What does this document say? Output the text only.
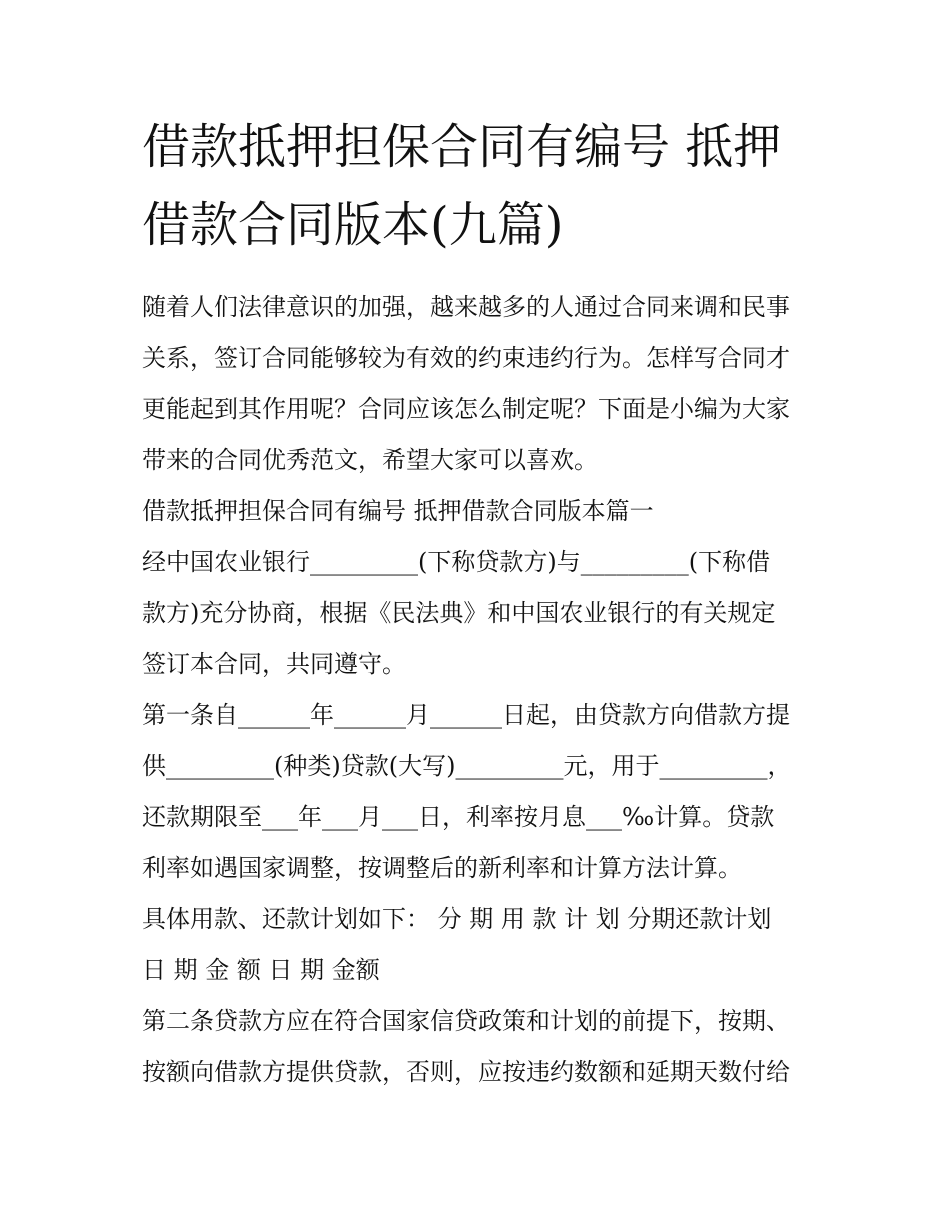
借款抵押担保合同有编号 抵押
借款合同版本(九篇)

随着人们法律意识的加强，越来越多的人通过合同来调和民事

关系，签订合同能够较为有效的约束违约行为。怎样写合同才

更能起到其作用呢？合同应该怎么制定呢？下面是小编为大家

带来的合同优秀范文，希望大家可以喜欢。

借款抵押担保合同有编号 抵押借款合同版本篇一

经中国农业银行_________(下称贷款方)与_________(下称借

款方)充分协商，根据《民法典》和中国农业银行的有关规定

签订本合同，共同遵守。

第一条自______年______月______日起，由贷款方向借款方提

供_________(种类)贷款(大写)_________元，用于_________，

还款期限至___年___月___日，利率按月息___‰计算。贷款

利率如遇国家调整，按调整后的新利率和计算方法计算。

具体用款、还款计划如下： 分 期 用 款 计 划 分期还款计划

日 期 金 额 日 期 金额

第二条贷款方应在符合国家信贷政策和计划的前提下，按期、

按额向借款方提供贷款，否则，应按违约数额和延期天数付给
